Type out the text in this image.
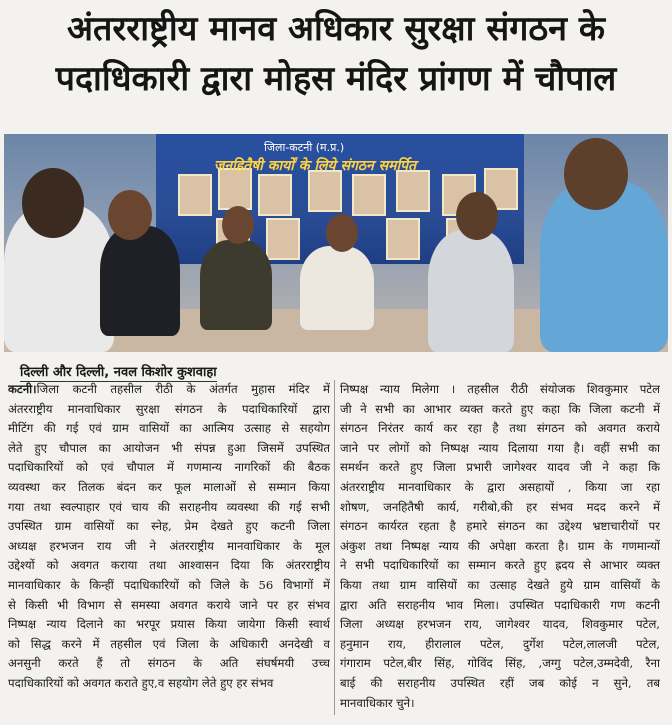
अंतरराष्ट्रीय मानव अधिकार सुरक्षा संगठन के
पदाधिकारी द्वारा मोहस मंदिर प्रांगण में चौपाल
जिला-कटनी (म.प्र.)
जनहितैषी कार्यों के लिये संगठन समर्पित
दिल्ली और दिल्ली, नवल किशोर कुशवाहा
कटनी।जिला कटनी तहसील रीठी के अंतर्गत मुहास मंदिर में
अंतरराष्ट्रीय मानवाधिकार सुरक्षा संगठन के पदाधिकारियों द्वारा
मीटिंग की गई एवं ग्राम वासियों का आत्मिय उत्साह से सहयोग
लेते हुए चौपाल का आयोजन भी संपन्न हुआ जिसमें उपस्थित
पदाधिकारियों को एवं चौपाल में गणमान्य नागरिकों की बैठक
व्यवस्था कर तिलक बंदन कर फूल मालाओं से सम्मान किया
गया तथा स्वल्पाहार एवं चाय की सराहनीय व्यवस्था की गई सभी
उपस्थित ग्राम वासियों का स्नेह, प्रेम देखते हुए कटनी जिला
अध्यक्ष हरभजन राय जी ने अंतरराष्ट्रीय मानवाधिकार के मूल
उद्देश्यों को अवगत कराया तथा आश्वासन दिया कि अंतरराष्ट्रीय
मानवाधिकार के किन्हीं पदाधिकारियों को जिले के 56 विभागों में
से किसी भी विभाग से समस्या अवगत कराये जाने पर हर संभव
निष्पक्ष न्याय दिलाने का भरपूर प्रयास किया जायेगा किसी स्वार्थ
को सिद्ध करने में तहसील एवं जिला के अधिकारी अनदेखी व
अनसुनी करते हैं तो संगठन के अति संघर्षमयी उच्च
पदाधिकारियों को अवगत कराते हुए,व सहयोग लेते हुए हर संभव
निष्पक्ष न्याय मिलेगा । तहसील रीठी संयोजक शिवकुमार पटेल
जी ने सभी का आभार व्यक्त करते हुए कहा कि जिला कटनी में
संगठन निरंतर कार्य कर रहा है तथा संगठन को अवगत कराये
जाने पर लोगों को निष्पक्ष न्याय दिलाया गया है। वहीं सभी का
समर्थन करते हुए जिला प्रभारी जागेश्वर यादव जी ने कहा कि
अंतरराष्ट्रीय मानवाधिकार के द्वारा असहायों , किया जा रहा
शोषण, जनहितैषी कार्य, गरीबो,की हर संभव मदद करने में
संगठन कार्यरत रहता है हमारे संगठन का उद्देश्य भ्रष्टाचारीयों पर
अंकुश तथा निष्पक्ष न्याय की अपेक्षा करता है। ग्राम के गणमान्यों
ने सभी पदाधिकारियों का सम्मान करते हुए ह्रदय से आभार व्यक्त
किया तथा ग्राम वासियों का उत्साह देखते हुये ग्राम वासियों के
द्वारा अति सराहनीय भाव मिला। उपस्थित पदाधिकारी गण कटनी
जिला अध्यक्ष हरभजन राय, जागेश्वर यादव, शिवकुमार पटेल,
हनुमान राय, हीरालाल पटेल, दुर्गेश पटेल,लालजी पटेल,
गंगाराम पटेल,बीर सिंह, गोविंद सिंह, ,जग्गु पटेल,उम्मदेवी, रैना
बाई की सराहनीय उपस्थित रहीं जब कोई न सुने, तब
मानवाधिकार चुने।
